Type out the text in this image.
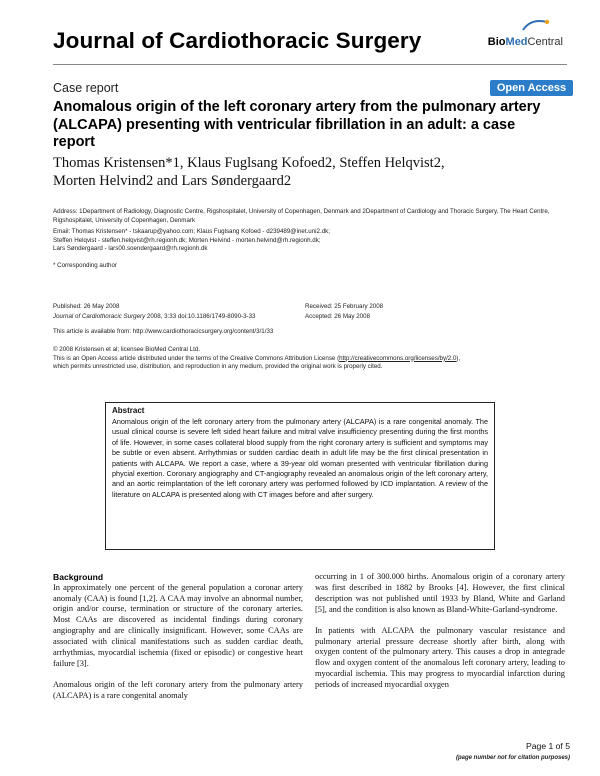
Journal of Cardiothoracic Surgery	BioMedCentral
Case report	Open Access
Anomalous origin of the left coronary artery from the pulmonary artery (ALCAPA) presenting with ventricular fibrillation in an adult: a case report
Thomas Kristensen*1, Klaus Fuglsang Kofoed2, Steffen Helqvist2,
Morten Helvind2 and Lars Søndergaard2
Address: 1Department of Radiology, Diagnostic Centre, Rigshospitalet, University of Copenhagen, Denmark and 2Department of Cardiology and Thoracic Surgery, The Heart Centre, Rigshospitalet, University of Copenhagen, Denmark
Email: Thomas Kristensen* - tskaarup@yahoo.com; Klaus Fuglsang Kofoed - d239489@inet.uni2.dk;
Steffen Helqvist - steffen.helqvist@rh.regionh.dk; Morten Helvind - morten.helvind@rh.regionh.dk;
Lars Søndergaard - lars00.soendergaard@rh.regionh.dk
* Corresponding author
Published: 26 May 2008
Journal of Cardiothoracic Surgery 2008, 3:33 doi:10.1186/1749-8090-3-33
Received: 25 February 2008
Accepted: 26 May 2008
This article is available from: http://www.cardiothoracicsurgery.org/content/3/1/33
© 2008 Kristensen et al; licensee BioMed Central Ltd.
This is an Open Access article distributed under the terms of the Creative Commons Attribution License (http://creativecommons.org/licenses/by/2.0),
which permits unrestricted use, distribution, and reproduction in any medium, provided the original work is properly cited.
Abstract
Anomalous origin of the left coronary artery from the pulmonary artery (ALCAPA) is a rare congenital anomaly. The usual clinical course is severe left sided heart failure and mitral valve insufficiency presenting during the first months of life. However, in some cases collateral blood supply from the right coronary artery is sufficient and symptoms may be subtle or even absent. Arrhythmias or sudden cardiac death in adult life may be the first clinical presentation in patients with ALCAPA. We report a case, where a 39-year old woman presented with ventricular fibrillation during phycial exertion. Coronary angiography and CT-angiography revealed an anomalous origin of the left coronary artery, and an aortic reimplantation of the left coronary artery was performed followed by ICD implantation. A review of the literature on ALCAPA is presented along with CT images before and after surgery.
Background

In approximately one percent of the general population a coronar artery anomaly (CAA) is found [1,2]. A CAA may involve an abnormal number, origin and/or course, termination or structure of the coronary arteries. Most CAAs are discovered as incidental findings during coronary angiography and are clinically insignificant. However, some CAAs are associated with clinical manifestations such as sudden cardiac death, arrhythmias, myocardial ischemia (fixed or episodic) or congestive heart failure [3].

Anomalous origin of the left coronary artery from the pulmonary artery (ALCAPA) is a rare congenital anomaly

occurring in 1 of 300.000 births. Anomalous origin of a coronary artery was first described in 1882 by Brooks [4]. However, the first clinical description was not published until 1933 by Bland, White and Garland [5], and the condition is also known as Bland-White-Garland-syndrome.

In patients with ALCAPA the pulmonary vascular resistance and pulmonary arterial pressure decrease shortly after birth, along with oxygen content of the pulmonary artery. This causes a drop in antegrade flow and oxygen content of the anomalous left coronary artery, leading to myocardial ischemia. This may progress to myocardial infarction during periods of increased myocardial oxygen

Page 1 of 5
(page number not for citation purposes)
